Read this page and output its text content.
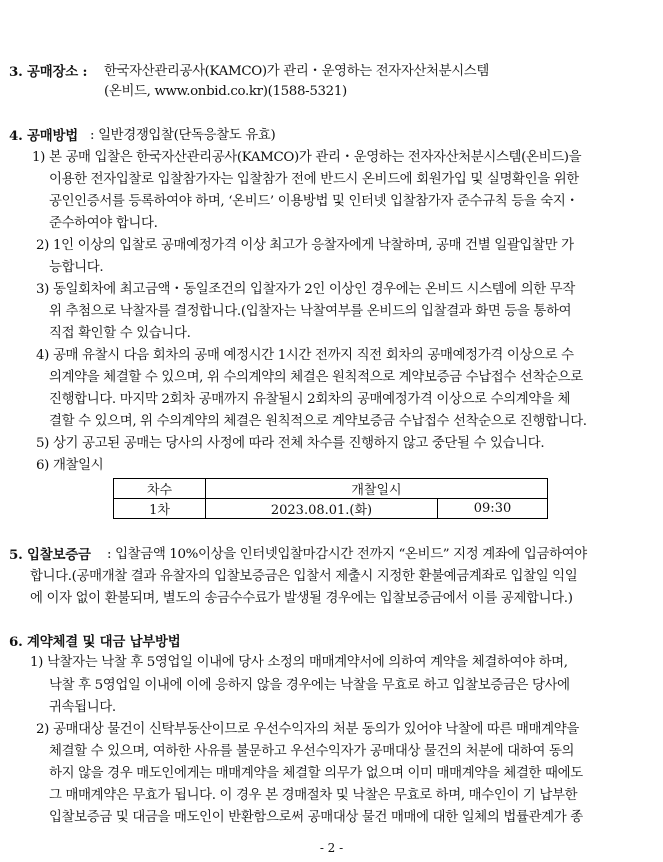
3. 공매장소 : 한국자산관리공사(KAMCO)가 관리・운영하는 전자자산처분시스템
(온비드, www.onbid.co.kr)(1588-5321)
4. 공매방법 : 일반경쟁입찰(단독응찰도 유효)
1) 본 공매 입찰은 한국자산관리공사(KAMCO)가 관리・운영하는 전자자산처분시스템(온비드)을
이용한 전자입찰로 입찰참가자는 입찰참가 전에 반드시 온비드에 회원가입 및 실명확인을 위한
공인인증서를 등록하여야 하며, ‘온비드’ 이용방법 및 인터넷 입찰참가자 준수규칙 등을 숙지・
준수하여야 합니다.
2) 1인 이상의 입찰로 공매예정가격 이상 최고가 응찰자에게 낙찰하며, 공매 건별 일괄입찰만 가
능합니다.
3) 동일회차에 최고금액・동일조건의 입찰자가 2인 이상인 경우에는 온비드 시스템에 의한 무작
위 추첨으로 낙찰자를 결정합니다.(입찰자는 낙찰여부를 온비드의 입찰결과 화면 등을 통하여
직접 확인할 수 있습니다.
4) 공매 유찰시 다음 회차의 공매 예정시간 1시간 전까지 직전 회차의 공매예정가격 이상으로 수
의계약을 체결할 수 있으며, 위 수의계약의 체결은 원칙적으로 계약보증금 수납접수 선착순으로
진행합니다. 마지막 2회차 공매까지 유찰될시 2회차의 공매예정가격 이상으로 수의계약을 체
결할 수 있으며, 위 수의계약의 체결은 원칙적으로 계약보증금 수납접수 선착순으로 진행합니다.
5) 상기 공고된 공매는 당사의 사정에 따라 전체 차수를 진행하지 않고 중단될 수 있습니다.
6) 개찰일시
차수	개찰일시	
1차	2023.08.01.(화)	09:30
5. 입찰보증금 : 입찰금액 10%이상을 인터넷입찰마감시간 전까지 “온비드” 지정 계좌에 입금하여야
합니다.(공매개찰 결과 유찰자의 입찰보증금은 입찰서 제출시 지정한 환불예금계좌로 입찰일 익일
에 이자 없이 환불되며, 별도의 송금수수료가 발생될 경우에는 입찰보증금에서 이를 공제합니다.)
6. 계약체결 및 대금 납부방법
1) 낙찰자는 낙찰 후 5영업일 이내에 당사 소정의 매매계약서에 의하여 계약을 체결하여야 하며,
낙찰 후 5영업일 이내에 이에 응하지 않을 경우에는 낙찰을 무효로 하고 입찰보증금은 당사에
귀속됩니다.
2) 공매대상 물건이 신탁부동산이므로 우선수익자의 처분 동의가 있어야 낙찰에 따른 매매계약을
체결할 수 있으며, 여하한 사유를 불문하고 우선수익자가 공매대상 물건의 처분에 대하여 동의
하지 않을 경우 매도인에게는 매매계약을 체결할 의무가 없으며 이미 매매계약을 체결한 때에도
그 매매계약은 무효가 됩니다. 이 경우 본 경매절차 및 낙찰은 무효로 하며, 매수인이 기 납부한
입찰보증금 및 대금을 매도인이 반환함으로써 공매대상 물건 매매에 대한 일체의 법률관계가 종
- 2 -
